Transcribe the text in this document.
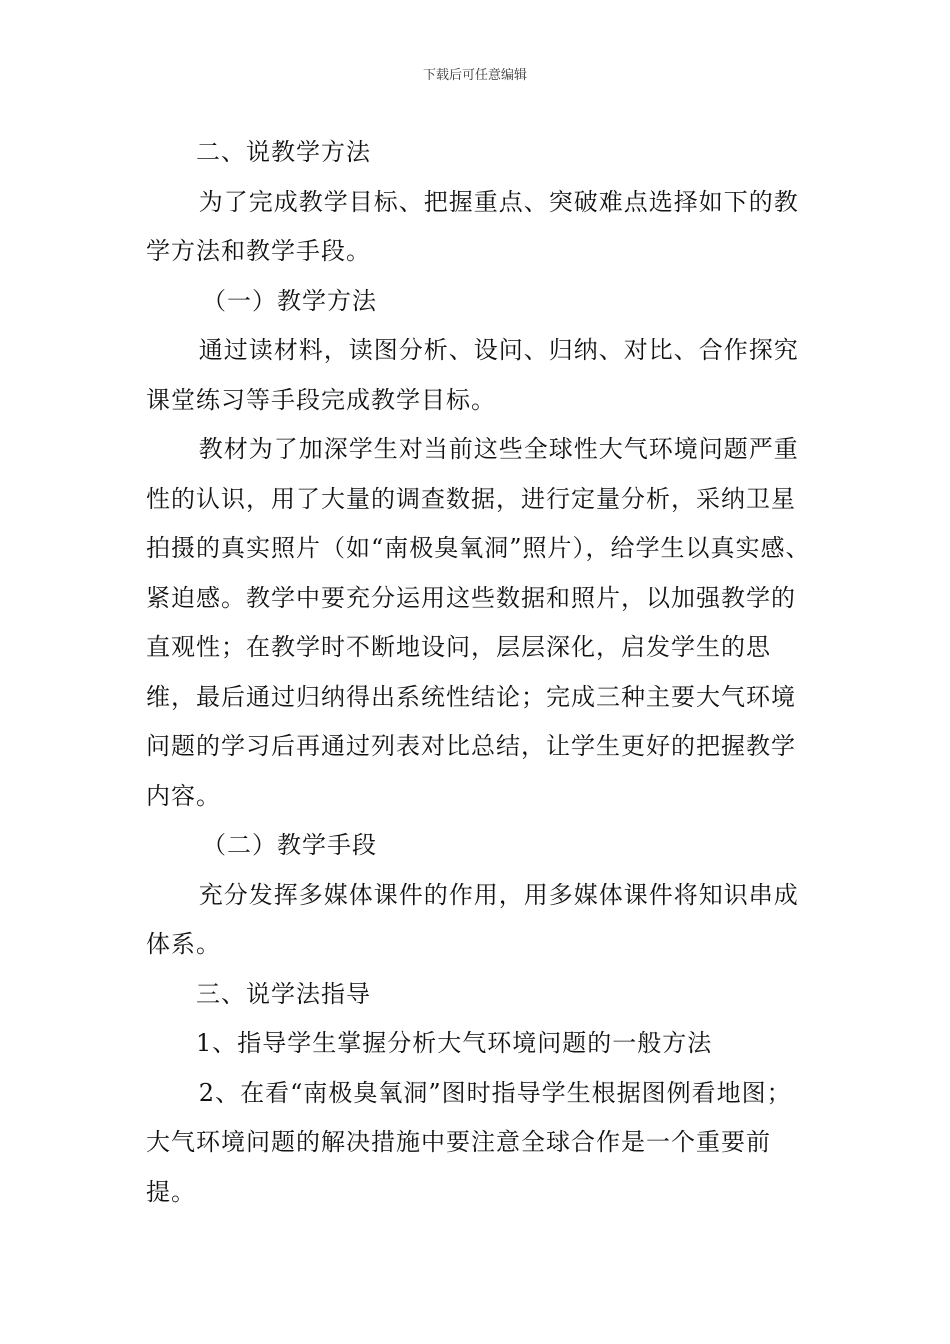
下载后可任意编辑

二、说教学方法

为了完成教学目标、把握重点、突破难点选择如下的教学方法和教学手段。

（一）教学方法

通过读材料，读图分析、设问、归纳、对比、合作探究课堂练习等手段完成教学目标。

教材为了加深学生对当前这些全球性大气环境问题严重性的认识，用了大量的调查数据，进行定量分析，采纳卫星拍摄的真实照片（如“南极臭氧洞”照片），给学生以真实感、紧迫感。教学中要充分运用这些数据和照片，以加强教学的直观性；在教学时不断地设问，层层深化，启发学生的思维，最后通过归纳得出系统性结论；完成三种主要大气环境问题的学习后再通过列表对比总结，让学生更好的把握教学内容。

（二）教学手段

充分发挥多媒体课件的作用，用多媒体课件将知识串成体系。

三、说学法指导

1、指导学生掌握分析大气环境问题的一般方法

2、在看“南极臭氧洞”图时指导学生根据图例看地图；大气环境问题的解决措施中要注意全球合作是一个重要前提。
